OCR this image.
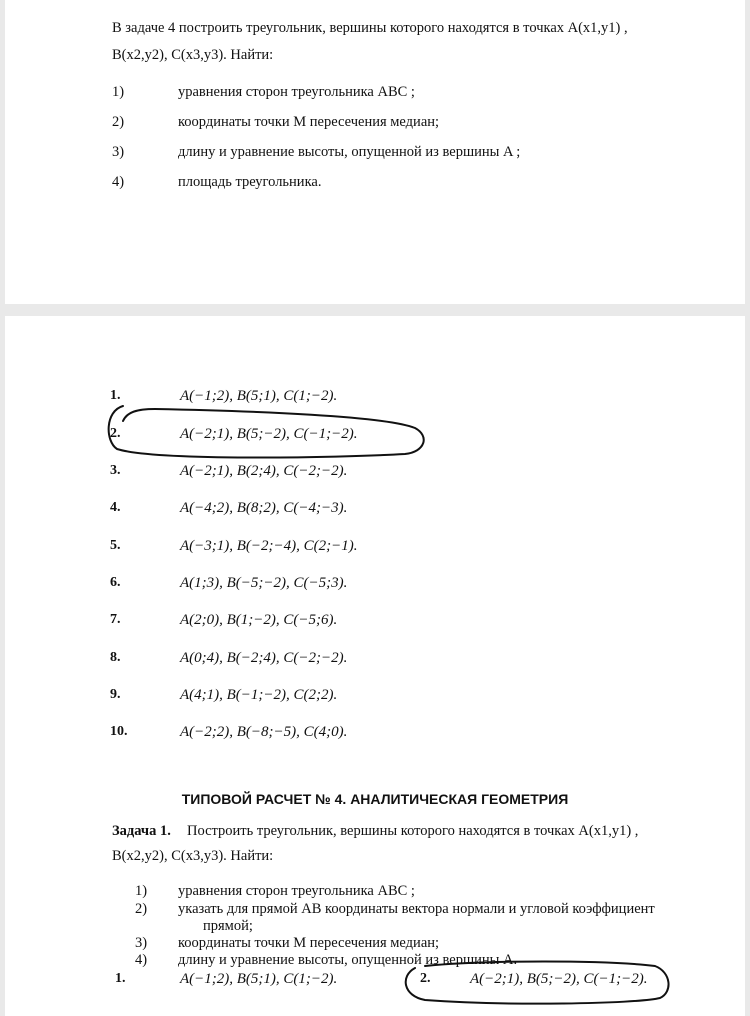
В задаче 4 построить треугольник, вершины которого находятся в точках A(x1,y1) ,
B(x2,y2), C(x3,y3). Найти:
1)	уравнения сторон треугольника ABC ;
2)	координаты точки M пересечения медиан;
3)	длину и уравнение высоты, опущенной из вершины A ;
4)	площадь треугольника.
1.	A(−1;2), B(5;1), C(1;−2).
2.	A(−2;1), B(5;−2), C(−1;−2).
3.	A(−2;1), B(2;4), C(−2;−2).
4.	A(−4;2), B(8;2), C(−4;−3).
5.	A(−3;1), B(−2;−4), C(2;−1).
6.	A(1;3), B(−5;−2), C(−5;3).
7.	A(2;0), B(1;−2), C(−5;6).
8.	A(0;4), B(−2;4), C(−2;−2).
9.	A(4;1), B(−1;−2), C(2;2).
10.	A(−2;2), B(−8;−5), C(4;0).
ТИПОВОЙ РАСЧЕТ № 4. АНАЛИТИЧЕСКАЯ ГЕОМЕТРИЯ
Задача 1. Построить треугольник, вершины которого находятся в точках A(x1,y1) ,
B(x2,y2), C(x3,y3). Найти:
1) уравнения сторон треугольника ABC ;
2) указать для прямой AB координаты вектора нормали и угловой коэффициент
прямой;
3) координаты точки M пересечения медиан;
4) длину и уравнение высоты, опущенной из вершины A.
1.	A(−1;2), B(5;1), C(1;−2).	2.	A(−2;1), B(5;−2), C(−1;−2).
